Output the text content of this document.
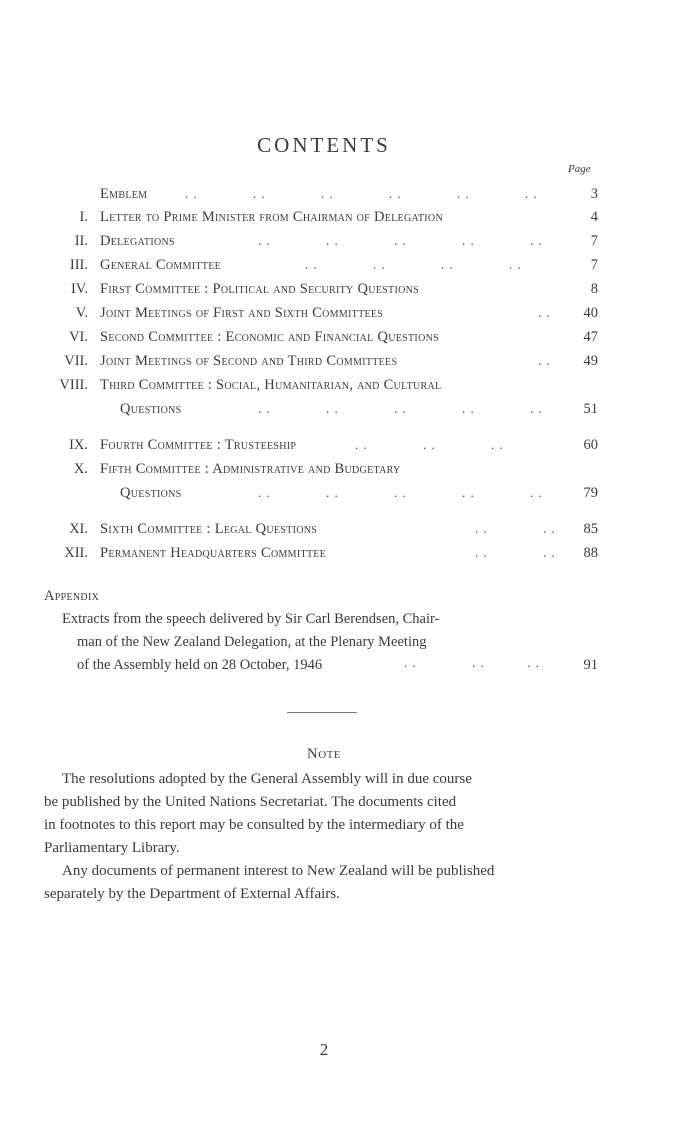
CONTENTS
Page
Emblem	. .             . .             . .             . .             . .             . .	3
I. Letter to Prime Minister from Chairman of Delegation	4
II. Delegations	. .             . .             . .             . .             . .	7
III. General Committee	. .             . .             . .             . .	7
IV. First Committee : Political and Security Questions	8
V. Joint Meetings of First and Sixth Committees	. .	40
VI. Second Committee : Economic and Financial Questions	47
VII. Joint Meetings of Second and Third Committees	. .	49
VIII. Third Committee : Social, Humanitarian, and Cultural
Questions	. .             . .             . .             . .             . .	51
IX. Fourth Committee : Trusteeship	. .             . .             . .	60
X. Fifth Committee : Administrative and Budgetary
Questions	. .             . .             . .             . .             . .	79
XI. Sixth Committee : Legal Questions	. .             . .	85
XII. Permanent Headquarters Committee	. .             . .	88
Appendix
Extracts from the speech delivered by Sir Carl Berendsen, Chair-
man of the New Zealand Delegation, at the Plenary Meeting
of the Assembly held on 28 October, 1946	. .             . .          . .	91
Note
The resolutions adopted by the General Assembly will in due course
be published by the United Nations Secretariat. The documents cited
in footnotes to this report may be consulted by the intermediary of the
Parliamentary Library.
Any documents of permanent interest to New Zealand will be published
separately by the Department of External Affairs.
2
